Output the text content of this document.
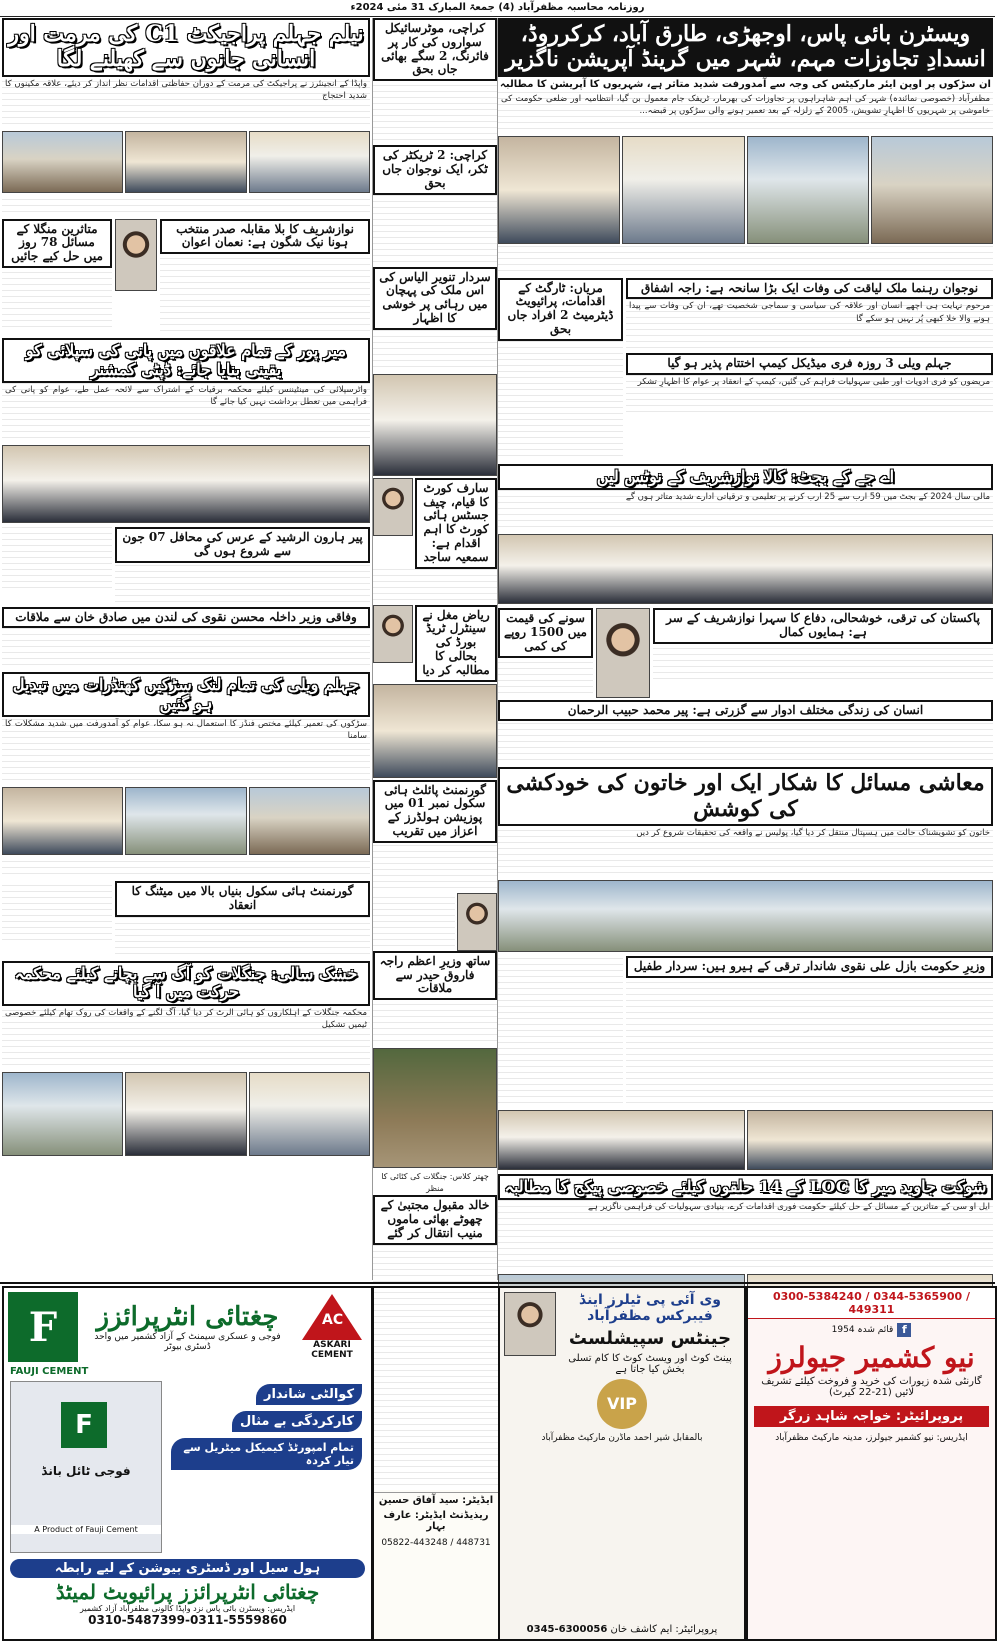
روزنامہ محاسبہ مظفرآباد (4) جمعۃ المبارک 31 مئی 2024ء
ویسٹرن بائی پاس، اوجھڑی، طارق آباد، کرکرروڈ، انسدادِ تجاوزات مہم، شہر میں گرینڈ آپریشن ناگزیر
ان سڑکوں پر اوپن ایئر مارکیٹس کی وجہ سے آمدورفت شدید متاثر ہے، شہریوں کا آپریشن کا مطالبہ
مظفرآباد (خصوصی نمائندہ) شہر کی اہم شاہراہوں پر تجاوزات کی بھرمار، ٹریفک جام معمول بن گیا، انتظامیہ اور ضلعی حکومت کی خاموشی پر شہریوں کا اظہارِ تشویش، 2005 کے زلزلہ کے بعد تعمیر ہونے والی سڑکوں پر قبضہ...
نوجوان رہنما ملک لیاقت کی وفات ایک بڑا سانحہ ہے: راجہ اشفاق
مرحوم نہایت ہی اچھے انسان اور علاقہ کی سیاسی و سماجی شخصیت تھے، ان کی وفات سے پیدا ہونے والا خلا کبھی پُر نہیں ہو سکے گا
جہلم ویلی 3 روزہ فری میڈیکل کیمپ اختتام پذیر ہو گیا
مریضوں کو فری ادویات اور طبی سہولیات فراہم کی گئیں، کیمپ کے انعقاد پر عوام کا اظہارِ تشکر
مریاں: ٹارگٹ کے اقدامات، پرائیویٹ ڈیٹرمیٹ 2 افراد جاں بحق
اے جے کے بجٹ: کالا نوازشریف کے نوٹس لیں
مالی سال 2024 کے بجٹ میں 59 ارب سے 25 ارب کرنے پر تعلیمی و ترقیاتی ادارے شدید متاثر ہوں گے
پاکستان کی ترقی، خوشحالی، دفاع کا سہرا نوازشریف کے سر ہے: ہمایوں کمال
سونے کی قیمت میں 1500 روپے کی کمی
انسان کی زندگی مختلف ادوار سے گزرتی ہے: پیر محمد حبیب الرحمان
معاشی مسائل کا شکار ایک اور خاتون کی خودکشی کی کوشش
خاتون کو تشویشناک حالت میں ہسپتال منتقل کر دیا گیا، پولیس نے واقعہ کی تحقیقات شروع کر دیں
وزیرِ حکومت بازل علی نقوی شاندار ترقی کے ہیرو ہیں: سردار طفیل
شوکت جاوید میر کا LOC کے 14 حلقوں کیلئے خصوصی پیکج کا مطالبہ
ایل او سی کے متاثرین کے مسائل کے حل کیلئے حکومت فوری اقدامات کرے، بنیادی سہولیات کی فراہمی ناگزیر ہے
کراچی، موٹرسائیکل سواروں کی کار پر فائرنگ، 2 سگے بھائی جاں بحق
کراچی: 2 ٹریکٹر کی ٹکر، ایک نوجوان جاں بحق
سردار تنویر الیاس کی اس ملک کی پہچان میں رہائی پر خوشی کا اظہار
سارف کورٹ کا قیام، چیف جسٹس ہائی کورٹ کا اہم اقدام ہے: سمعیہ ساجد
ریاض مغل نے سینٹرل ٹریڈ بورڈ کی بحالی کا مطالبہ کر دیا
گورنمنٹ پائلٹ ہائی سکول نمبر 01 میں پوزیشن ہولڈرز کے اعزاز میں تقریب
ساتھ وزیرِ اعظم راجہ فاروق حیدر سے ملاقات
چھتر کلاس: جنگلات کی کٹائی کا منظر
خالد مقبول مجتبیٰ کے چھوٹے بھائی ماموں منیب انتقال کر گئے
نیلم جہلم پراجیکٹ C1 کی مرمت اور انسانی جانوں سے کھیلنے لگا
واپڈا کے انجینئرز نے پراجیکٹ کی مرمت کے دوران حفاظتی اقدامات نظر انداز کر دیئے، علاقہ مکینوں کا شدید احتجاج
نوازشریف کا بلا مقابلہ صدر منتخب ہونا نیک شگون ہے: نعمان اعوان
متاثرین منگلا کے مسائل 78 روز میں حل کیے جائیں
میر پور کے تمام علاقوں میں پانی کی سپلائی کو یقینی بنایا جائے: ڈپٹی کمشنر
واٹرسپلائی کی مینٹیننس کیلئے محکمہ برقیات کے اشتراک سے لائحہ عمل طے، عوام کو پانی کی فراہمی میں تعطل برداشت نہیں کیا جائے گا
پیر ہارون الرشید کے عرس کی محافل 07 جون سے شروع ہوں گی
وفاقی وزیر داخلہ محسن نقوی کی لندن میں صادق خان سے ملاقات
جہلم ویلی کی تمام لنک سڑکیں کھنڈرات میں تبدیل ہو گئیں
سڑکوں کی تعمیر کیلئے مختص فنڈز کا استعمال نہ ہو سکا، عوام کو آمدورفت میں شدید مشکلات کا سامنا
گورنمنٹ ہائی سکول بنیاں بالا میں میٹنگ کا انعقاد
خشک سالی: جنگلات کو آگ سے بچانے کیلئے محکمہ حرکت میں آ گیا
محکمہ جنگلات کے اہلکاروں کو ہائی الرٹ کر دیا گیا، آگ لگنے کے واقعات کی روک تھام کیلئے خصوصی ٹیمیں تشکیل
F	چغتائی انٹرپرائزز
فوجی و عسکری سیمنٹ کے آزاد کشمیر میں واحد ڈسٹری بیوٹر
AC
ASKARI CEMENT
FAUJI CEMENT
F
فوجی ٹائل بانڈ
A Product of Fauji Cement
کوالٹی شاندار
کارکردگی بے مثال
تمام امپورٹڈ کیمیکل میٹریل سے تیار کردہ
ہول سیل اور ڈسٹری بیوشن کے لیے رابطہ
چغتائی انٹرپرائزز پرائیویٹ لمیٹڈ
ایڈریس: ویسٹرن بائی پاس نزد واپڈا کالونی مظفرآباد آزاد کشمیر
0310-5487399-0311-5559860
ایڈیٹر: سید آفاق حسین
ریذیڈنٹ ایڈیٹر: عارف بہار
05822-443248 / 448731
وی آئی پی ٹیلرز اینڈ فیبرکس مظفرآباد
جینٹس سپیشلسٹ
پینٹ کوٹ اور ویسٹ کوٹ کا کام تسلی بخش کیا جاتا ہے
VIP
بالمقابل شیر احمد ماڈرن مارکیٹ مظفرآباد
پروپرائیٹر: ایم کاشف خان 0345-6300056
0300-5384240 / 0344-5365900 / 449311
f
قائم شدہ 1954
نیو کشمیر جیولرز
گارنٹی شدہ زیورات کی خرید و فروخت کیلئے تشریف لائیں (21-22 کیرٹ)
پروپرائیٹر: خواجہ شاہد زرگر
ایڈریس: نیو کشمیر جیولرز، مدینہ مارکیٹ مظفرآباد
